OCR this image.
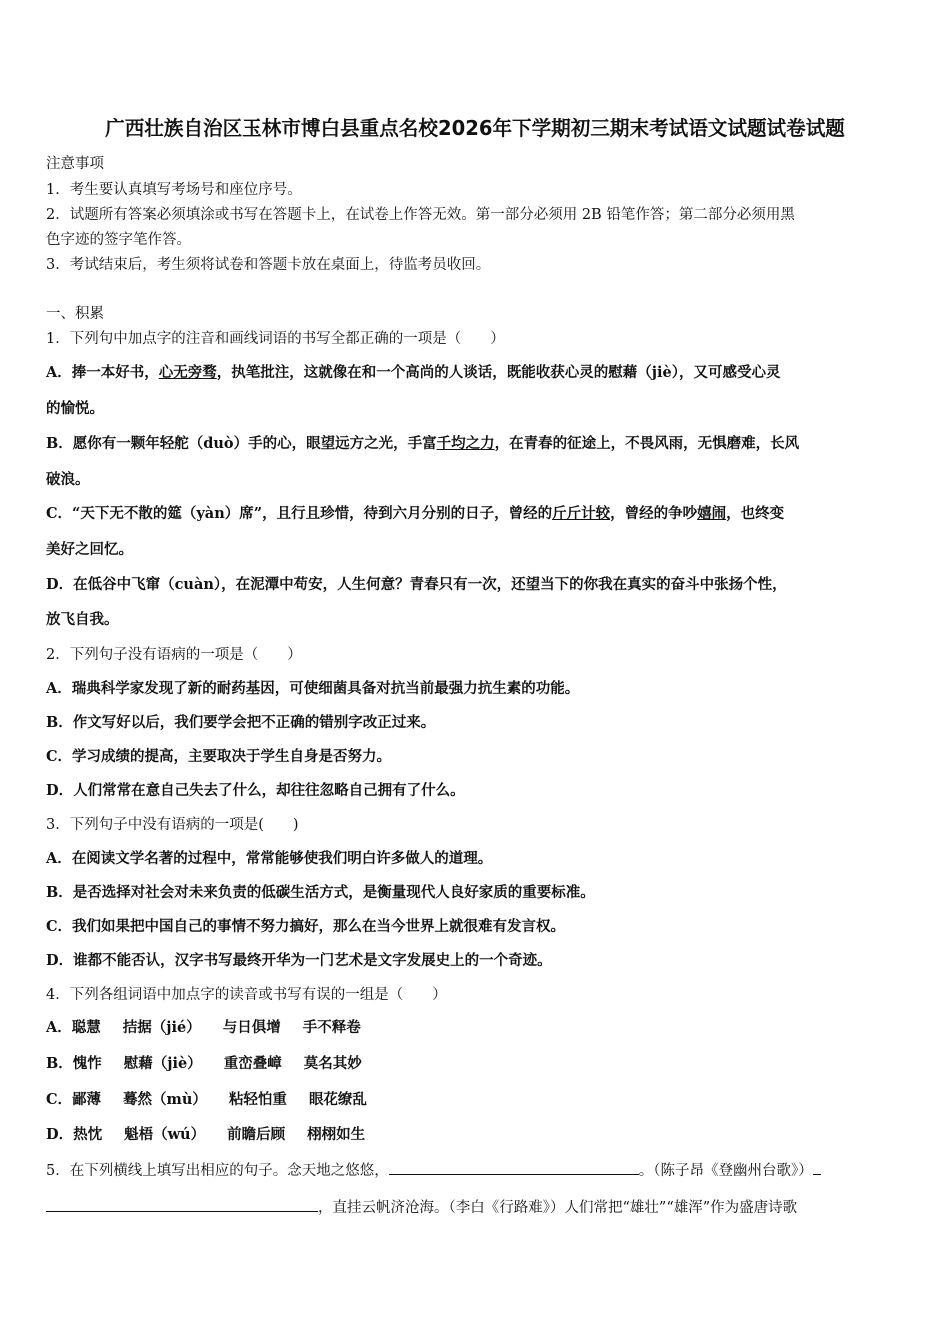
广西壮族自治区玉林市博白县重点名校2026年下学期初三期末考试语文试题试卷试题
注意事项
1．考生要认真填写考场号和座位序号。
2．试题所有答案必须填涂或书写在答题卡上，在试卷上作答无效。第一部分必须用 2B 铅笔作答；第二部分必须用黑
色字迹的签字笔作答。
3．考试结束后，考生须将试卷和答题卡放在桌面上，待监考员收回。
一、积累
1．下列句中加点字的注音和画线词语的书写全都正确的一项是（　　）
A．捧一本好书，心无旁骛，执笔批注，这就像在和一个高尚的人谈话，既能收获心灵的慰藉（jiè），又可感受心灵
的愉悦。
B．愿你有一颗年轻舵（duò）手的心，眼望远方之光，手富千均之力，在青春的征途上，不畏风雨，无惧磨难，长风
破浪。
C．“天下无不散的筵（yàn）席”，且行且珍惜，待到六月分别的日子，曾经的斤斤计较，曾经的争吵嬉闹，也终变
美好之回忆。
D．在低谷中飞窜（cuàn），在泥潭中苟安，人生何意？青春只有一次，还望当下的你我在真实的奋斗中张扬个性，
放飞自我。
2．下列句子没有语病的一项是（　　）
A．瑞典科学家发现了新的耐药基因，可使细菌具备对抗当前最强力抗生素的功能。
B．作文写好以后，我们要学会把不正确的错别字改正过来。
C．学习成绩的提高，主要取决于学生自身是否努力。
D．人们常常在意自己失去了什么，却往往忽略自己拥有了什么。
3．下列句子中没有语病的一项是(　　)
A．在阅读文学名著的过程中，常常能够使我们明白许多做人的道理。
B．是否选择对社会对未来负责的低碳生活方式，是衡量现代人良好家质的重要标准。
C．我们如果把中国自己的事情不努力搞好，那么在当今世界上就很难有发言权。
D．谁都不能否认，汉字书写最终开华为一门艺术是文字发展史上的一个奇迹。
4．下列各组词语中加点字的读音或书写有误的一组是（　　）
A．聪慧 拮据（jié） 与日俱增 手不释卷
B．愧怍 慰藉（jiè） 重峦叠嶂 莫名其妙
C．鄙薄 蓦然（mù） 粘轻怕重 眼花缭乱
D．热忱 魁梧（wú） 前瞻后顾 栩栩如生
5．在下列横线上填写出相应的句子。念天地之悠悠，	。（陈子昂《登幽州台歌》）
，直挂云帆济沧海。（李白《行路难》）人们常把“雄壮”“雄浑”作为盛唐诗歌
